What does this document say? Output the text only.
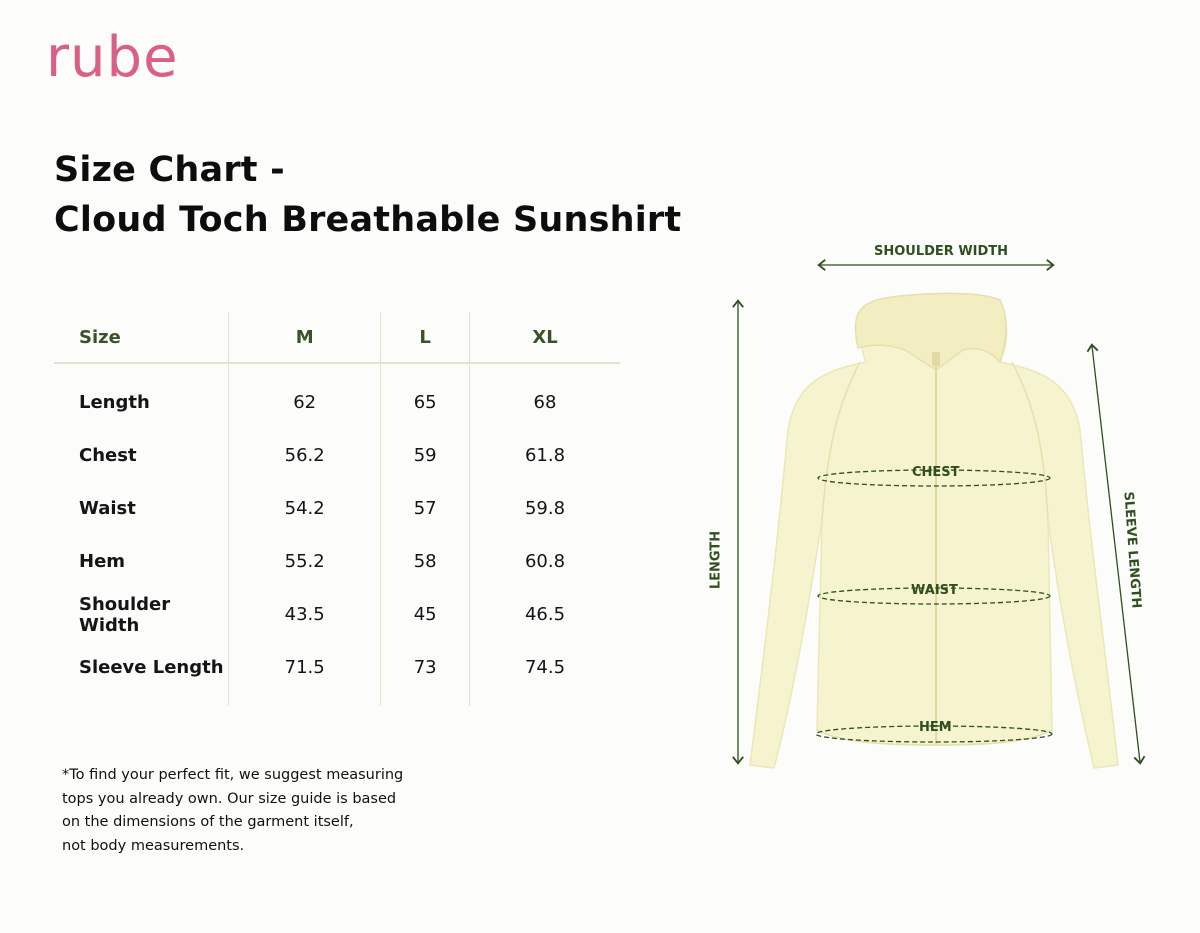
rube
Size Chart -
Cloud Toch Breathable Sunshirt
Size	M	L	XL

Length	62	65	68
Chest	56.2	59	61.8
Waist	54.2	57	59.8
Hem	55.2	58	60.8
Shoulder Width	43.5	45	46.5
Sleeve Length	71.5	73	74.5

*To find your perfect fit, we suggest measuring
tops you already own. Our size guide is based
on the dimensions of the garment itself,
not body measurements.
SHOULDER WIDTH
LENGTH	SLEEVE LENGTH
CHEST
WAIST
HEM
